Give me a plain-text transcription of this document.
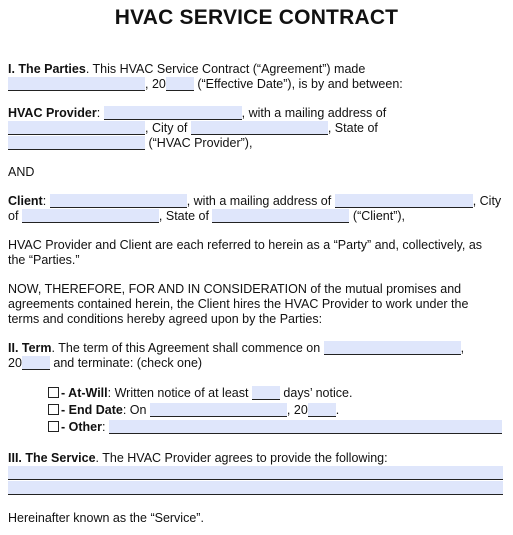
HVAC SERVICE CONTRACT
I. The Parties. This HVAC Service Contract (“Agreement”) made
, 20 (“Effective Date”), is by and between:
HVAC Provider:	, with a mailing address of
, City of	, State of
(“HVAC Provider”),
AND
Client:	, with a mailing address of	, City
of	, State of	(“Client”),
HVAC Provider and Client are each referred to herein as a “Party” and, collectively, as
the “Parties.”
NOW, THEREFORE, FOR AND IN CONSIDERATION of the mutual promises and
agreements contained herein, the Client hires the HVAC Provider to work under the
terms and conditions hereby agreed upon by the Parties:
II. Term. The term of this Agreement shall commence on	,
20 and terminate: (check one)
- At-Will: Written notice of at least	days’ notice.
- End Date: On	, 20 .
- Other:
III. The Service. The HVAC Provider agrees to provide the following:
Hereinafter known as the “Service”.
